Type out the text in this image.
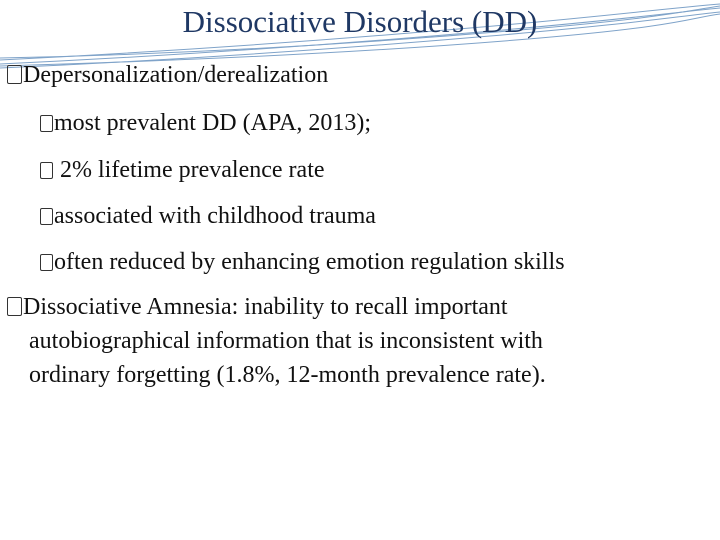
Dissociative Disorders (DD)
Depersonalization/derealization
most prevalent DD (APA, 2013);
2% lifetime prevalence rate
associated with childhood trauma
often reduced by enhancing emotion regulation skills
Dissociative Amnesia: inability to recall important
autobiographical information that is inconsistent with
ordinary forgetting (1.8%, 12-month prevalence rate).
